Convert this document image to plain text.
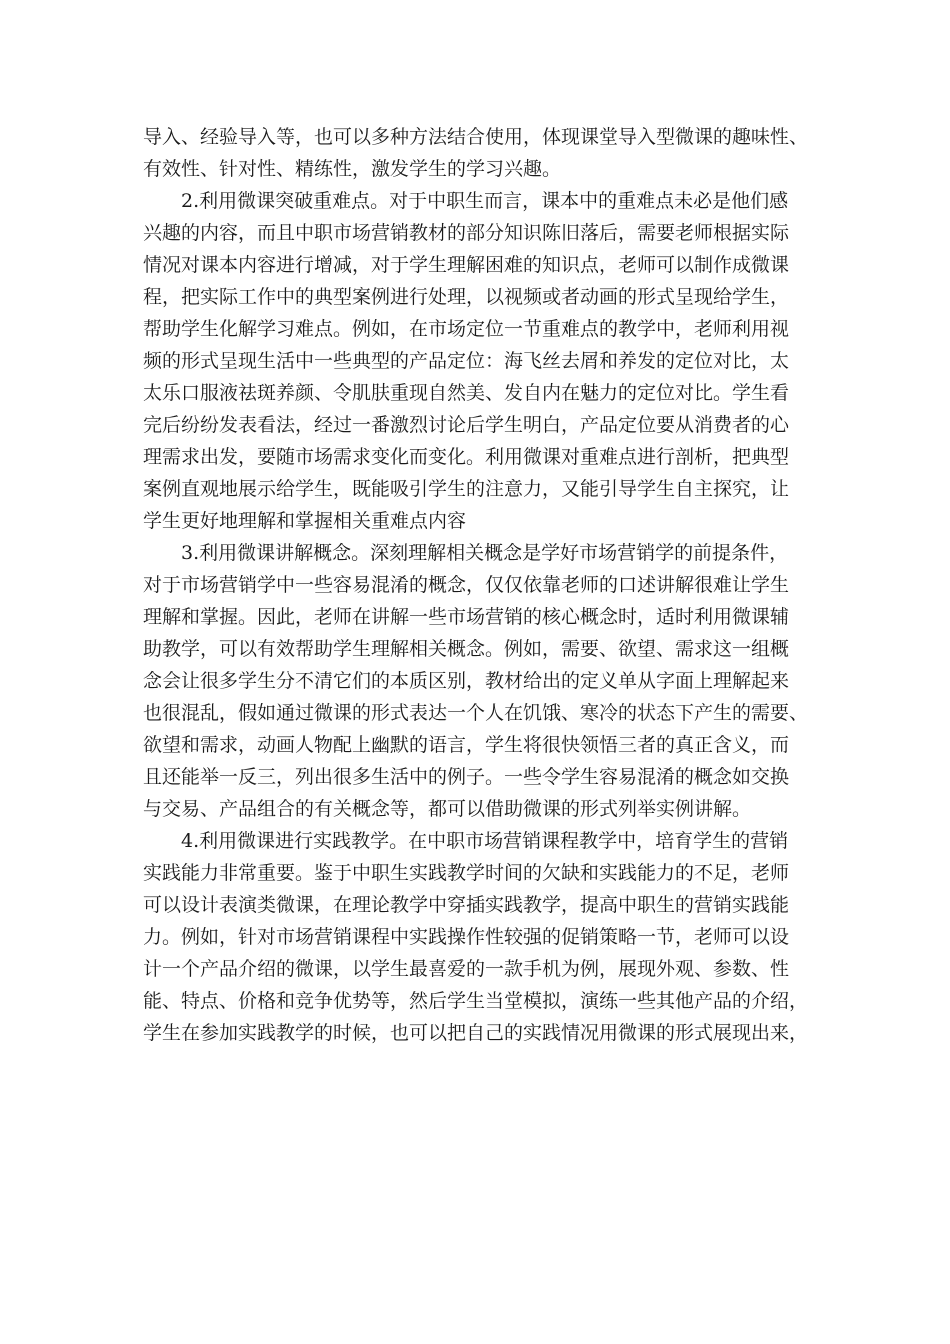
导入、经验导入等，也可以多种方法结合使用，体现课堂导入型微课的趣味性、
有效性、针对性、精练性，激发学生的学习兴趣。
2.利用微课突破重难点。对于中职生而言，课本中的重难点未必是他们感
兴趣的内容，而且中职市场营销教材的部分知识陈旧落后，需要老师根据实际
情况对课本内容进行增减，对于学生理解困难的知识点，老师可以制作成微课
程，把实际工作中的典型案例进行处理，以视频或者动画的形式呈现给学生，
帮助学生化解学习难点。例如，在市场定位一节重难点的教学中，老师利用视
频的形式呈现生活中一些典型的产品定位：海飞丝去屑和养发的定位对比，太
太乐口服液祛斑养颜、令肌肤重现自然美、发自内在魅力的定位对比。学生看
完后纷纷发表看法，经过一番激烈讨论后学生明白，产品定位要从消费者的心
理需求出发，要随市场需求变化而变化。利用微课对重难点进行剖析，把典型
案例直观地展示给学生，既能吸引学生的注意力，又能引导学生自主探究，让
学生更好地理解和掌握相关重难点内容
3.利用微课讲解概念。深刻理解相关概念是学好市场营销学的前提条件，
对于市场营销学中一些容易混淆的概念，仅仅依靠老师的口述讲解很难让学生
理解和掌握。因此，老师在讲解一些市场营销的核心概念时，适时利用微课辅
助教学，可以有效帮助学生理解相关概念。例如，需要、欲望、需求这一组概
念会让很多学生分不清它们的本质区别，教材给出的定义单从字面上理解起来
也很混乱，假如通过微课的形式表达一个人在饥饿、寒冷的状态下产生的需要、
欲望和需求，动画人物配上幽默的语言，学生将很快领悟三者的真正含义，而
且还能举一反三，列出很多生活中的例子。一些令学生容易混淆的概念如交换
与交易、产品组合的有关概念等，都可以借助微课的形式列举实例讲解。
4.利用微课进行实践教学。在中职市场营销课程教学中，培育学生的营销
实践能力非常重要。鉴于中职生实践教学时间的欠缺和实践能力的不足，老师
可以设计表演类微课，在理论教学中穿插实践教学，提高中职生的营销实践能
力。例如，针对市场营销课程中实践操作性较强的促销策略一节，老师可以设
计一个产品介绍的微课，以学生最喜爱的一款手机为例，展现外观、参数、性
能、特点、价格和竞争优势等，然后学生当堂模拟，演练一些其他产品的介绍，
学生在参加实践教学的时候，也可以把自己的实践情况用微课的形式展现出来，
